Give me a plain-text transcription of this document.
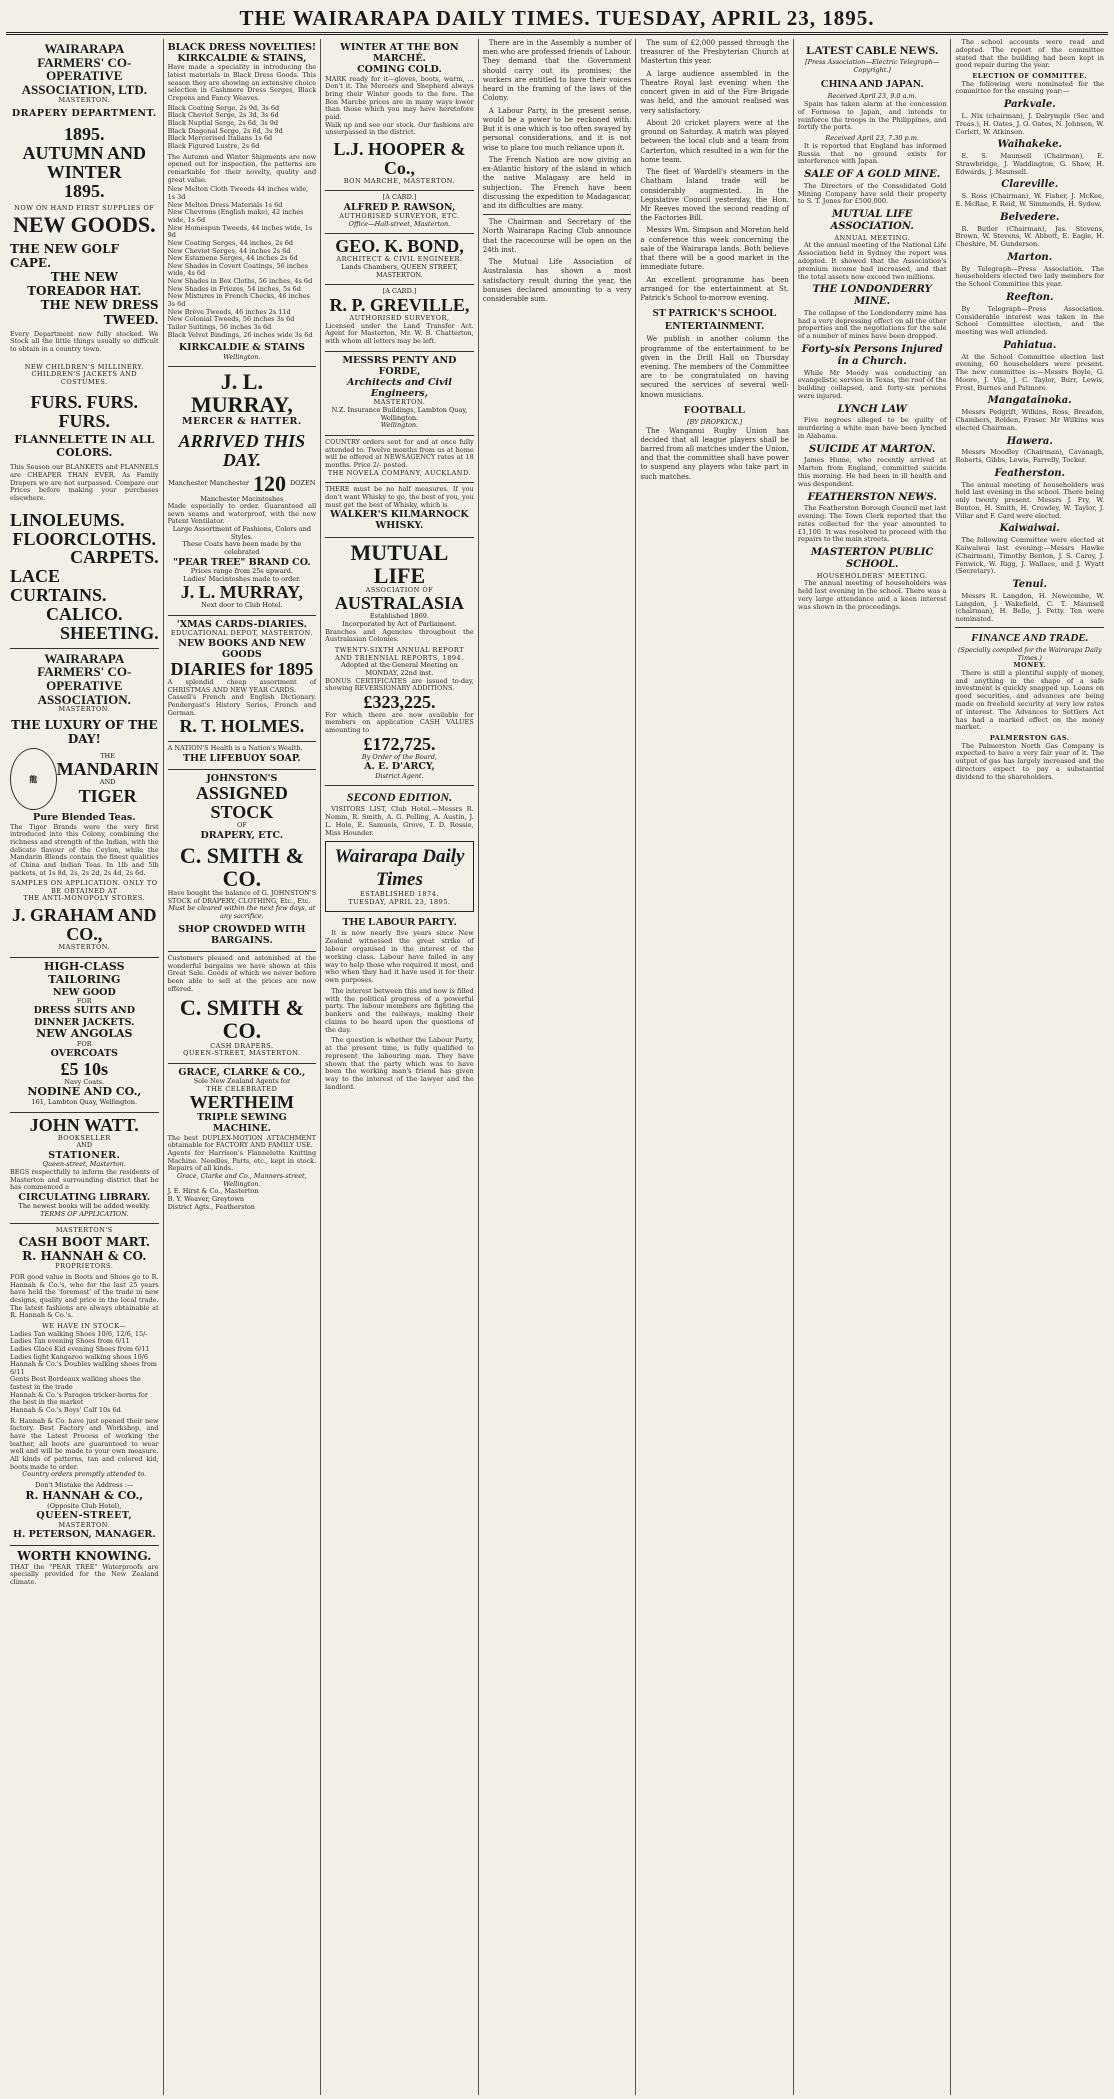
THE WAIRARAPA DAILY TIMES. TUESDAY, APRIL 23, 1895.
WAIRARAPA FARMERS' CO-OPERATIVE ASSOCIATION, LTD.
MASTERTON.
DRAPERY DEPARTMENT.
1895.
AUTUMN AND WINTER
1895.
NOW ON HAND FIRST SUPPLIES OF
NEW GOODS.
THE NEW GOLF CAPE.
THE NEW TOREADOR HAT.
THE NEW DRESS TWEED.
Every Department now fully stocked. We Stock all the little things usually so difficult to obtain in a country town.
NEW CHILDREN'S MILLINERY. CHILDREN'S JACKETS AND COSTUMES.
FURS. FURS. FURS.
FLANNELETTE IN ALL COLORS.
This Season our BLANKETS and FLANNELS are CHEAPER THAN EVER. As Family Drapers we are not surpassed. Compare our Prices before making your purchases elsewhere.
LINOLEUMS.
FLOORCLOTHS.
CARPETS.
LACE CURTAINS.
CALICO.
SHEETING.
WAIRARAPA FARMERS' CO-OPERATIVE ASSOCIATION.
MASTERTON.
THE LUXURY OF THE DAY!
龍
THE
MANDARIN
AND
TIGER
Pure Blended Teas.
The Tiger Brands were the very first introduced into this Colony, combining the richness and strength of the Indian, with the delicate flavour of the Ceylon, while the Mandarin Blends contain the finest qualities of China and Indian Teas. In 1lb and 5lb packets, at 1s 8d, 2s, 2s 2d, 2s 4d, 2s 6d.
SAMPLES ON APPLICATION. ONLY TO BE OBTAINED AT
THE ANTI-MONOPOLY STORES.
J. GRAHAM AND CO.,
MASTERTON.
HIGH-CLASS TAILORING
NEW GOOD
FOR
DRESS SUITS AND DINNER JACKETS.
NEW ANGOLAS
FOR
OVERCOATS
£5 10s
Navy Coats.
NODINE AND CO.,
161, Lambton Quay, Wellington.
JOHN WATT.
BOOKSELLER
AND
STATIONER.
Queen-street, Masterton.
BEGS respectfully to inform the residents of Masterton and surrounding district that he has commenced a
CIRCULATING LIBRARY.
The newest books will be added weekly.
TERMS OF APPLICATION.
MASTERTON'S
CASH BOOT MART.
R. HANNAH & CO.
PROPRIETORS.
FOR good value in Boots and Shoes go to R. Hannah & Co.'s, who for the last 25 years have held the 'foremost' of the trade in new designs, quality and price in the local trade. The latest fashions are always obtainable at R. Hannah & Co.'s.
WE HAVE IN STOCK—
Ladies Tan walking Shoes 10/6, 12/6, 15/-
Ladies Tan evening Shoes from 6/11
Ladies Glacé Kid evening Shoes from 6/11
Ladies light Kangaroo walking shoes 10/6
Hannah & Co.'s Doubles walking shoes from 6/11
Gents Best Bordeaux walking shoes the fastest in the trade
Hannah & Co.'s Paragon tricker-horns for the best in the market
Hannah & Co.'s Boys' Calf 10s 6d
R. Hannah & Co. have just opened their new factory. Best Factory and Workshop, and have the Latest Process of working the leather, all boots are guaranteed to wear well and will be made to your own measure. All kinds of patterns, tan and colored kid, boots made to order.
Country orders promptly attended to.
Don't Mistake the Address :—
R. HANNAH & CO.,
(Opposite Club Hotel),
QUEEN-STREET,
MASTERTON.
H. PETERSON, MANAGER.
WORTH KNOWING.
THAT the "PEAR TREE" Waterproofs are specially provided for the New Zealand climate.
BLACK DRESS NOVELTIES!
KIRKCALDIE & STAINS,
Have made a speciality in introducing the latest materials in Black Dress Goods. This season they are showing an extensive choice selection in Cashmere Dress Serges, Black Crepons and Fancy Weaves.
Black Coating Serge, 2s 9d, 3s 6d
Black Cheviot Serge, 2s 3d, 3s 6d
Black Nuptial Serge, 2s 6d, 3s 9d
Black Diagonal Serge, 2s 6d, 3s 9d
Black Mercerised Italians 1s 6d
Black Figured Lustre, 2s 6d
The Autumn and Winter Shipments are now opened out for inspection, the patterns are remarkable for their novelty, quality and great value.
New Melton Cloth Tweeds 44 inches wide, 1s 3d
New Melton Dress Materials 1s 6d
New Chevrons (English make), 42 inches wide, 1s 6d
New Homespun Tweeds, 44 inches wide, 1s 9d
New Coating Serges, 44 inches, 2s 6d
New Cheviot Serges, 44 inches 2s 6d
New Estamene Serges, 44 inches 2s 6d
New Shades in Covert Coatings, 56 inches wide, 4s 6d
New Shades in Box Cloths, 56 inches, 4s 6d
New Shades in Friezes, 54 inches, 5s 6d
New Mixtures in French Checks, 46 inches 3s 6d
New Bréve Tweeds, 46 inches 2s 11d
New Colonial Tweeds, 56 inches 3s 6d
Tailor Suitings, 56 inches 3s 6d
Black Velvet Bindings, 26 inches wide 3s 6d
KIRKCALDIE & STAINS
Wellington.
J. L. MURRAY,
MERCER & HATTER.
ARRIVED THIS DAY.
Manchester Manchester 120 DOZEN
Manchester Macintoshes
Made especially to order. Guaranteed all sewn seams and waterproof, with the new Patent Ventilator.
Large Assortment of Fashions, Colors and Styles.
These Coats have been made by the celebrated
"PEAR TREE" BRAND CO.
Prices range from 25s upward.
Ladies' Macintoshes made to order.
J. L. MURRAY,
Next door to Club Hotel.
'XMAS CARDS-DIARIES.
EDUCATIONAL DEPOT, MASTERTON.
NEW BOOKS AND NEW GOODS
DIARIES for 1895
A splendid cheap assortment of CHRISTMAS AND NEW YEAR CARDS.
Cassell's French and English Dictionary. Pendergast's History Series, French and German.
R. T. HOLMES.
A NATION'S Health is a Nation's Wealth.
THE LIFEBUOY SOAP.
JOHNSTON'S
ASSIGNED
STOCK
OF
DRAPERY, ETC.
C. SMITH & CO.
Have bought the balance of G. JOHNSTON'S STOCK of DRAPERY, CLOTHING, Etc., Etc.
Must be cleared within the next few days, at any sacrifice.
SHOP CROWDED WITH BARGAINS.
Customers pleased and astonished at the wonderful bargains we have shown at this Great Sale. Goods of which we never before been able to sell at the prices are now offered.
C. SMITH & CO.
CASH DRAPERS.
QUEEN-STREET, MASTERTON.
GRACE, CLARKE & CO.,
Sole New Zealand Agents for
THE CELEBRATED
WERTHEIM
TRIPLE SEWING MACHINE.
The best DUPLEX-MOTION ATTACHMENT obtainable for FACTORY AND FAMILY USE.
Agents for Harrison's Flannelette Knitting Machine. Needles, Parts, etc., kept in stock. Repairs of all kinds.
Grace, Clarke and Co., Manners-street, Wellington.
J. E. Hirst & Co., Masterton
B. Y. Weaver, Greytown
District Agts., Featherston
WINTER AT THE BON MARCHÉ.
COMING COLD.
MARK ready for it—gloves, boots, warm, ... Don't it. The Mercers and Shepherd always bring their Winter goods to the fore. The Bon Marché prices are in many ways lower than those which you may have heretofore paid.
Walk up and see our stock. Our fashions are unsurpassed in the district.
L.J. HOOPER & Co.,
BON MARCHE, MASTERTON.
[A CARD.]
ALFRED P. RAWSON,
AUTHORISED SURVEYOR, ETC.
Office—Hall-street, Masterton.
GEO. K. BOND,
ARCHITECT & CIVIL ENGINEER.
Lands Chambers, QUEEN STREET, MASTERTON.
[A CARD.]
R. P. GREVILLE,
AUTHORISED SURVEYOR,
Licensed under the Land Transfer Act. Agent for Masterton, Mr. W. B. Chatterton, with whom all letters may be left.
MESSRS PENTY AND FORDE,
Architects and Civil Engineers,
MASTERTON.
N.Z. Insurance Buildings, Lambton Quay, Wellington.
Wellington.
COUNTRY orders sent for and at once fully attended to. Twelve months from us at home will be offered at NEWSAGENCY rates at 18 months. Price 2/- posted.
THE NOVELA COMPANY, AUCKLAND.
THERE must be no half measures. If you don't want Whisky to go, the best of you, you must get the best of Whisky, which is
WALKER'S KILMARNOCK WHISKY.
MUTUAL LIFE
ASSOCIATION OF
AUSTRALASIA
Established 1869.
Incorporated by Act of Parliament.
Branches and Agencies throughout the Australasian Colonies.
TWENTY-SIXTH ANNUAL REPORT AND TRIENNIAL REPORTS, 1894.
Adopted at the General Meeting on MONDAY, 22nd inst.
BONUS CERTIFICATES are issued to-day, showing REVERSIONARY ADDITIONS.
£323,225.
For which there are now available for members on application CASH VALUES amounting to
£172,725.
By Order of the Board,
A. E. D'ARCY,
District Agent.
SECOND EDITION.

VISITORS LIST, Club Hotel.—Messrs R. Nomm, R. Smith, A. G. Pelling, A. Austin, J. L. Hole, E. Samuels, Grove, T. D. Rossie, Miss Hounder.

Wairarapa Daily Times
ESTABLISHED 1874.
TUESDAY, APRIL 23, 1895.
THE LABOUR PARTY.

It is now nearly five years since New Zealand witnessed the great strike of labour organised in the interest of the working class. Labour have failed in any way to help those who required it most, and who when they had it have used it for their own purposes.

The interest between this and now is filled with the political progress of a powerful party. The labour members are fighting the bankers and the railways, making their claims to be heard upon the questions of the day.

The question is whether the Labour Party, at the present time, is fully qualified to represent the labouring man. They have shown that the party which was to have been the working man's friend has given way to the interest of the lawyer and the landlord.

There are in the Assembly a number of men who are professed friends of Labour. They demand that the Government should carry out its promises; the workers are entitled to have their voices heard in the framing of the laws of the Colony.

A Labour Party, in the present sense, would be a power to be reckoned with. But it is one which is too often swayed by personal considerations, and it is not wise to place too much reliance upon it.

The French Nation are now giving an ex-Atlantic history of the island in which the native Malagasy are held in subjection. The French have been discussing the expedition to Madagascar, and its difficulties are many.

The Chairman and Secretary of the North Wairarapa Racing Club announce that the racecourse will be open on the 24th inst.

The Mutual Life Association of Australasia has shown a most satisfactory result during the year, the bonuses declared amounting to a very considerable sum.

The sum of £2,000 passed through the treasurer of the Presbyterian Church at Masterton this year.

A large audience assembled in the Theatre Royal last evening when the concert given in aid of the Fire Brigade was held, and the amount realised was very satisfactory.

About 20 cricket players were at the ground on Saturday. A match was played between the local club and a team from Carterton, which resulted in a win for the home team.

The fleet of Wardell's steamers in the Chatham Island trade will be considerably augmented. In the Legislative Council yesterday, the Hon. Mr Reeves moved the second reading of the Factories Bill.

Messrs Wm. Simpson and Moreton held a conference this week concerning the sale of the Wairarapa lands. Both believe that there will be a good market in the immediate future.

An excellent programme has been arranged for the entertainment at St. Patrick's School to-morrow evening.

ST PATRICK'S SCHOOL ENTERTAINMENT.

We publish in another column the programme of the entertainment to be given in the Drill Hall on Thursday evening. The members of the Committee are to be congratulated on having secured the services of several well-known musicians.

FOOTBALL
[BY DROPKICK.]

The Wanganui Rugby Union has decided that all league players shall be barred from all matches under the Union, and that the committee shall have power to suspend any players who take part in such matches.

LATEST CABLE NEWS.
[Press Association—Electric Telegraph—Copyright.]
CHINA AND JAPAN.
Received April 23, 9.0 a.m.

Spain has taken alarm at the concession of Formosa to Japan, and intends to reinforce the troops in the Philippines, and fortify the ports.

Received April 23, 7.30 p.m.

It is reported that England has informed Russia that no ground exists for interference with Japan.

SALE OF A GOLD MINE.

The Directors of the Consolidated Gold Mining Company have sold their property to S. T. Jones for £500,000.

MUTUAL LIFE ASSOCIATION.
ANNUAL MEETING.

At the annual meeting of the National Life Association held in Sydney the report was adopted. It showed that the Association's premium income had increased, and that the total assets now exceed two millions.

THE LONDONDERRY MINE.

The collapse of the Londonderry mine has had a very depressing effect on all the other properties and the negotiations for the sale of a number of mines have been dropped.

Forty-six Persons Injured in a Church.

While Mr Moody was conducting an evangelistic service in Texas, the roof of the building collapsed, and forty-six persons were injured.

LYNCH LAW

Five negroes alleged to be guilty of murdering a white man have been lynched in Alabama.

SUICIDE AT MARTON.

James Hume, who recently arrived at Marton from England, committed suicide this morning. He had been in ill health and was despondent.

FEATHERSTON NEWS.

The Featherston Borough Council met last evening. The Town Clerk reported that the rates collected for the year amounted to £1,100. It was resolved to proceed with the repairs to the main streets.

MASTERTON PUBLIC SCHOOL.
HOUSEHOLDERS' MEETING.

The annual meeting of householders was held last evening in the school. There was a very large attendance and a keen interest was shown in the proceedings.

The school accounts were read and adopted. The report of the committee stated that the building had been kept in good repair during the year.

ELECTION OF COMMITTEE.

The following were nominated for the committee for the ensuing year:—

Parkvale.

L. Nix (chairman), J. Dalrymple (Sec and Treas.), H. Oates, J. O. Oates, N. Johnson, W. Corlett, W. Atkinson.

Waihakeke.

E. S. Maunsell (Chairman), E. Strawbridge, J. Waddington, G. Shaw, H. Edwards, J. Maunsell.

Clareville.

S. Ross (Chairman), W. Fisher, J. McKee, E. McRae, F. Reid, W. Simmonds, H. Sydow.

Belvedere.

R. Butler (Chairman), Jas. Stevens, Brown, W. Stevens, W. Abbott, E. Eagle, H. Cheshire, M. Gunderson.

Marton.

By Telegraph—Press Association. The householders elected two lady members for the School Committee this year.

Reefton.

By Telegraph—Press Association. Considerable interest was taken in the School Committee election, and the meeting was well attended.

Pahiatua.

At the School Committee election last evening, 60 householders were present. The new committee is:—Messrs Boyle, G. Moore, J. Vile, J. C. Taylor, Burr, Lewis, Frost, Burnes and Patmore.

Mangatainoka.

Messrs Pedgrift, Wilkins, Ross, Breadon, Chambers, Bolden, Fraser. Mr Wilkins was elected Chairman.

Hawera.

Messrs Moodley (Chairman), Cavanagh, Roberts, Gibbs, Lewis, Farrelly, Tocker.

Featherston.

The annual meeting of householders was held last evening in the school. There being only twenty present. Messrs J. Fry, W. Benton, H. Smith, H. Crowley, W. Taylor, J. Villar and F. Card were elected.

Kaiwaiwai.

The following Committee were elected at Kaiwaiwai last evening:—Messrs Hawke (Chairman), Timothy Benton, J. S. Carey, J. Fenwick, W. Rigg, J. Wallace, and J. Wyatt (Secretary).

Tenui.

Messrs R. Langdon, H. Newcombe, W. Langdon, J. Wakefield, C. T. Maunsell (chairman), H. Bello, J. Petty. Ten were nominated.

FINANCE AND TRADE.
(Specially compiled for the Wairarapa Daily Times.)
MONEY.

There is still a plentiful supply of money, and anything in the shape of a safe investment is quickly snapped up. Loans on good securities, and advances are being made on freehold security at very low rates of interest. The Advances to Settlers Act has had a marked effect on the money market.

PALMERSTON GAS.

The Palmerston North Gas Company is expected to have a very fair year of it. The output of gas has largely increased and the directors expect to pay a substantial dividend to the shareholders.
